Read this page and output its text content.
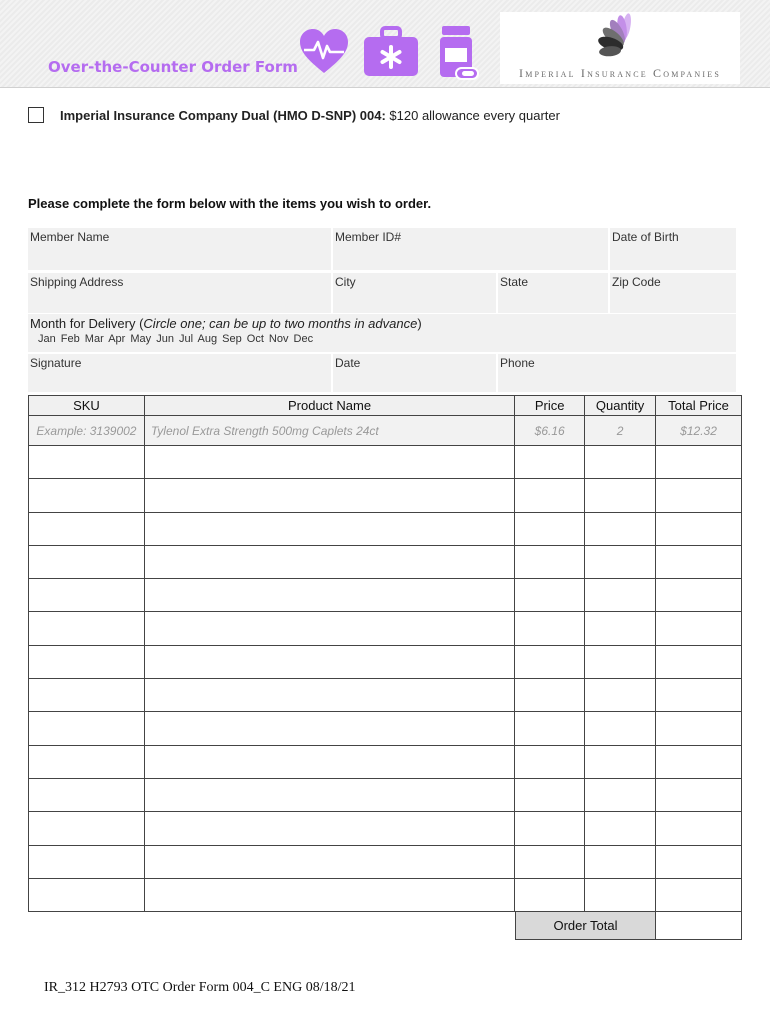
Over-the-Counter Order Form	Imperial Insurance Companies
Imperial Insurance Company Dual (HMO D-SNP) 004: $120 allowance every quarter
Please complete the form below with the items you wish to order.
Member Name	Member ID#	Date of Birth
Shipping Address	City	State	Zip Code
Month for Delivery (Circle one; can be up to two months in advance)
Jan Feb Mar Apr May Jun Jul Aug Sep Oct Nov Dec
Signature	Date	Phone
SKU	Product Name	Price	Quantity	Total Price
Example: 3139002	Tylenol Extra Strength 500mg Caplets 24ct	$6.16	2	$12.32

Order Total
IR_312 H2793 OTC Order Form 004_C ENG 08/18/21
